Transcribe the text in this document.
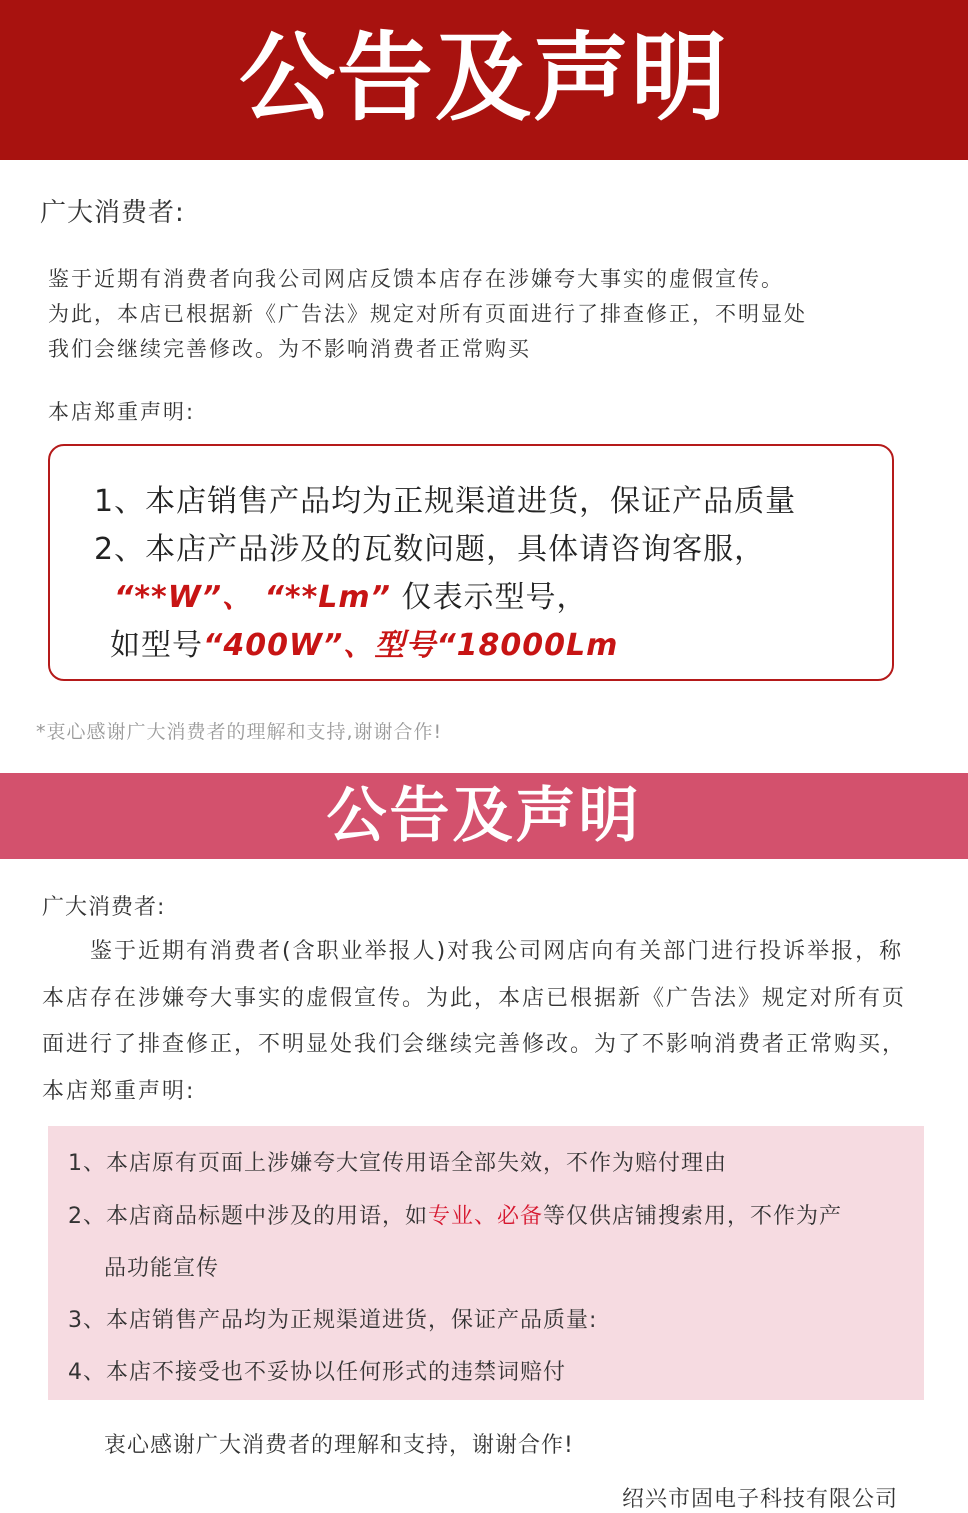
公告及声明
广大消费者:
鉴于近期有消费者向我公司网店反馈本店存在涉嫌夸大事实的虚假宣传。
为此，本店已根据新《广告法》规定对所有页面进行了排查修正，不明显处
我们会继续完善修改。为不影响消费者正常购买
本店郑重声明:
1、本店销售产品均为正规渠道进货，保证产品质量
2、本店产品涉及的瓦数问题，具体请咨询客服，
“**W”、 “**Lm” 仅表示型号，
如型号“400W”、型号“18000Lm
*衷心感谢广大消费者的理解和支持,谢谢合作!
公告及声明
广大消费者:
鉴于近期有消费者(含职业举报人)对我公司网店向有关部门进行投诉举报，称
本店存在涉嫌夸大事实的虚假宣传。为此，本店已根据新《广告法》规定对所有页
面进行了排查修正，不明显处我们会继续完善修改。为了不影响消费者正常购买，
本店郑重声明:
1、本店原有页面上涉嫌夸大宣传用语全部失效，不作为赔付理由
2、本店商品标题中涉及的用语，如专业、必备等仅供店铺搜索用，不作为产
品功能宣传
3、本店销售产品均为正规渠道进货，保证产品质量:
4、本店不接受也不妥协以任何形式的违禁词赔付
衷心感谢广大消费者的理解和支持，谢谢合作!
绍兴市固电子科技有限公司
